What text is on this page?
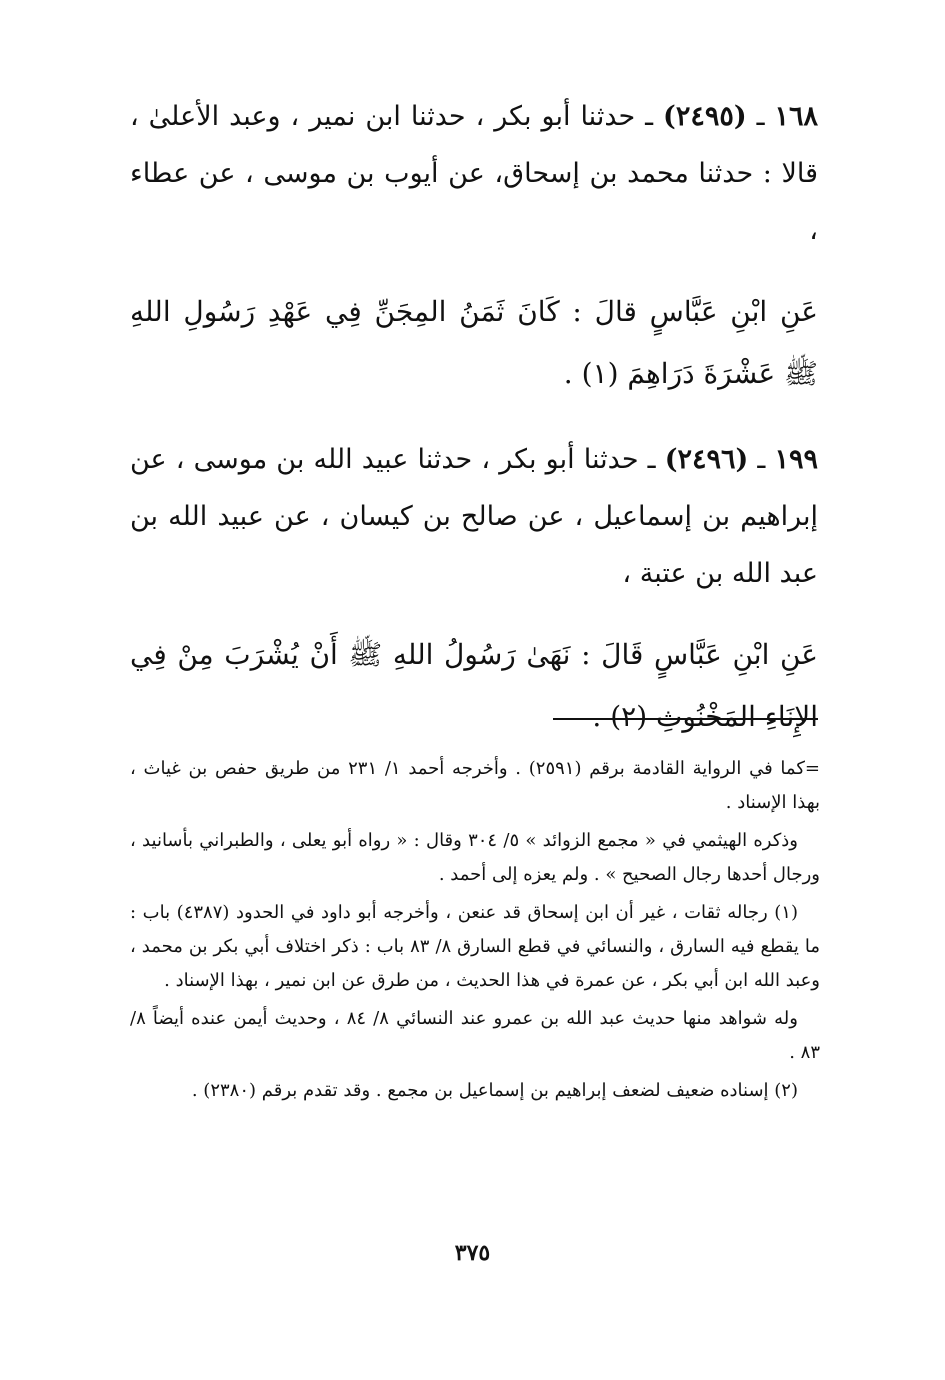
١٦٨ ـ (٢٤٩٥) ـ حدثنا أبو بكر ، حدثنا ابن نمير ، وعبد الأعلىٰ ، قالا : حدثنا محمد بن إسحاق، عن أيوب بن موسى ، عن عطاء ،

عَنِ ابْنِ عَبَّاسٍ قالَ : كَانَ ثَمَنُ المِجَنِّ فِي عَهْدِ رَسُولِ اللهِ ﷺ عَشْرَةَ دَرَاهِمَ (١) .

١٩٩ ـ (٢٤٩٦) ـ حدثنا أبو بكر ، حدثنا عبيد الله بن موسى ، عن إبراهيم بن إسماعيل ، عن صالح بن كيسان ، عن عبيد الله بن عبد الله بن عتبة ،

عَنِ ابْنِ عَبَّاسٍ قَالَ : نَهَىٰ رَسُولُ اللهِ ﷺ أَنْ يُشْرَبَ مِنْ فِي الإِنَاءِ المَخْنُوثِ (٢) .

=كما في الرواية القادمة برقم (٢٥٩١) . وأخرجه أحمد ١/ ٢٣١ من طريق حفص بن غياث ، بهذا الإسناد .

وذكره الهيثمي في « مجمع الزوائد » ٥/ ٣٠٤ وقال : « رواه أبو يعلى ، والطبراني بأسانيد ، ورجال أحدها رجال الصحيح » . ولم يعزه إلى أحمد .

(١) رجاله ثقات ، غير أن ابن إسحاق قد عنعن ، وأخرجه أبو داود في الحدود (٤٣٨٧) باب : ما يقطع فيه السارق ، والنسائي في قطع السارق ٨/ ٨٣ باب : ذكر اختلاف أبي بكر بن محمد ، وعبد الله ابن أبي بكر ، عن عمرة في هذا الحديث ، من طرق عن ابن نمير ، بهذا الإسناد .

وله شواهد منها حديث عبد الله بن عمرو عند النسائي ٨/ ٨٤ ، وحديث أيمن عنده أيضاً ٨/ ٨٣ .

(٢) إسناده ضعيف لضعف إبراهيم بن إسماعيل بن مجمع . وقد تقدم برقم (٢٣٨٠) .

٣٧٥
